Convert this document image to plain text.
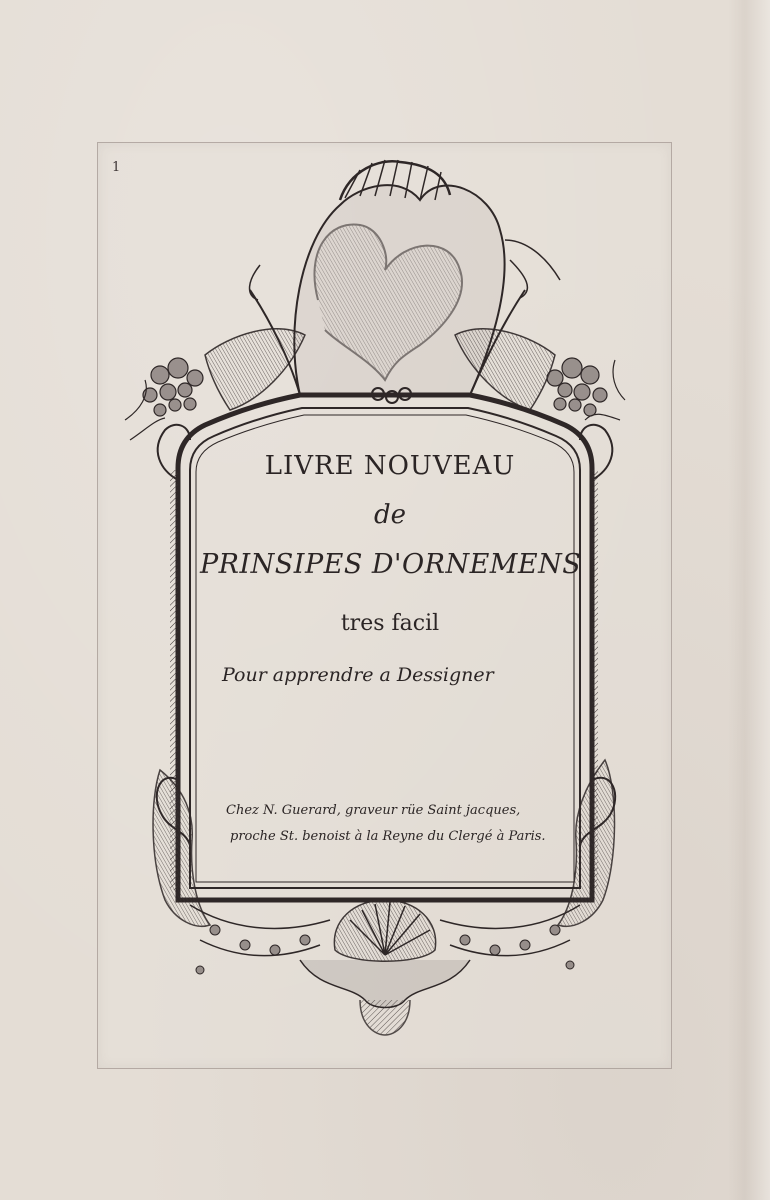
1
LIVRE NOUVEAU
de
PRINSIPES D'ORNEMENS
tres facil
Pour apprendre a Dessigner
Chez N. Guerard, graveur rüe Saint jacques,
proche St. benoist à la Reyne du Clergé à Paris.
